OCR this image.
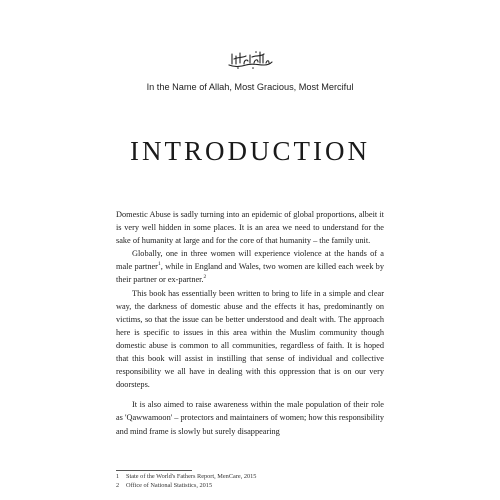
In the Name of Allah, Most Gracious, Most Merciful
INTRODUCTION

Domestic Abuse is sadly turning into an epidemic of global proportions, albeit it is very well hidden in some places. It is an area we need to understand for the sake of humanity at large and for the core of that humanity – the family unit.

Globally, one in three women will experience violence at the hands of a male partner$^1$, while in England and Wales, two women are killed each week by their partner or ex-partner.$^2$

This book has essentially been written to bring to life in a simple and clear way, the darkness of domestic abuse and the effects it has, predominantly on victims, so that the issue can be better understood and dealt with. The approach here is specific to issues in this area within the Muslim community though domestic abuse is common to all communities, regardless of faith. It is hoped that this book will assist in instilling that sense of individual and collective responsibility we all have in dealing with this oppression that is on our very doorsteps.

It is also aimed to raise awareness within the male population of their role as 'Qawwamoon' – protectors and maintainers of women; how this responsibility and mind frame is slowly but surely disappearing

1	State of the World's Fathers Report, MenCare, 2015
2	Office of National Statistics, 2015
